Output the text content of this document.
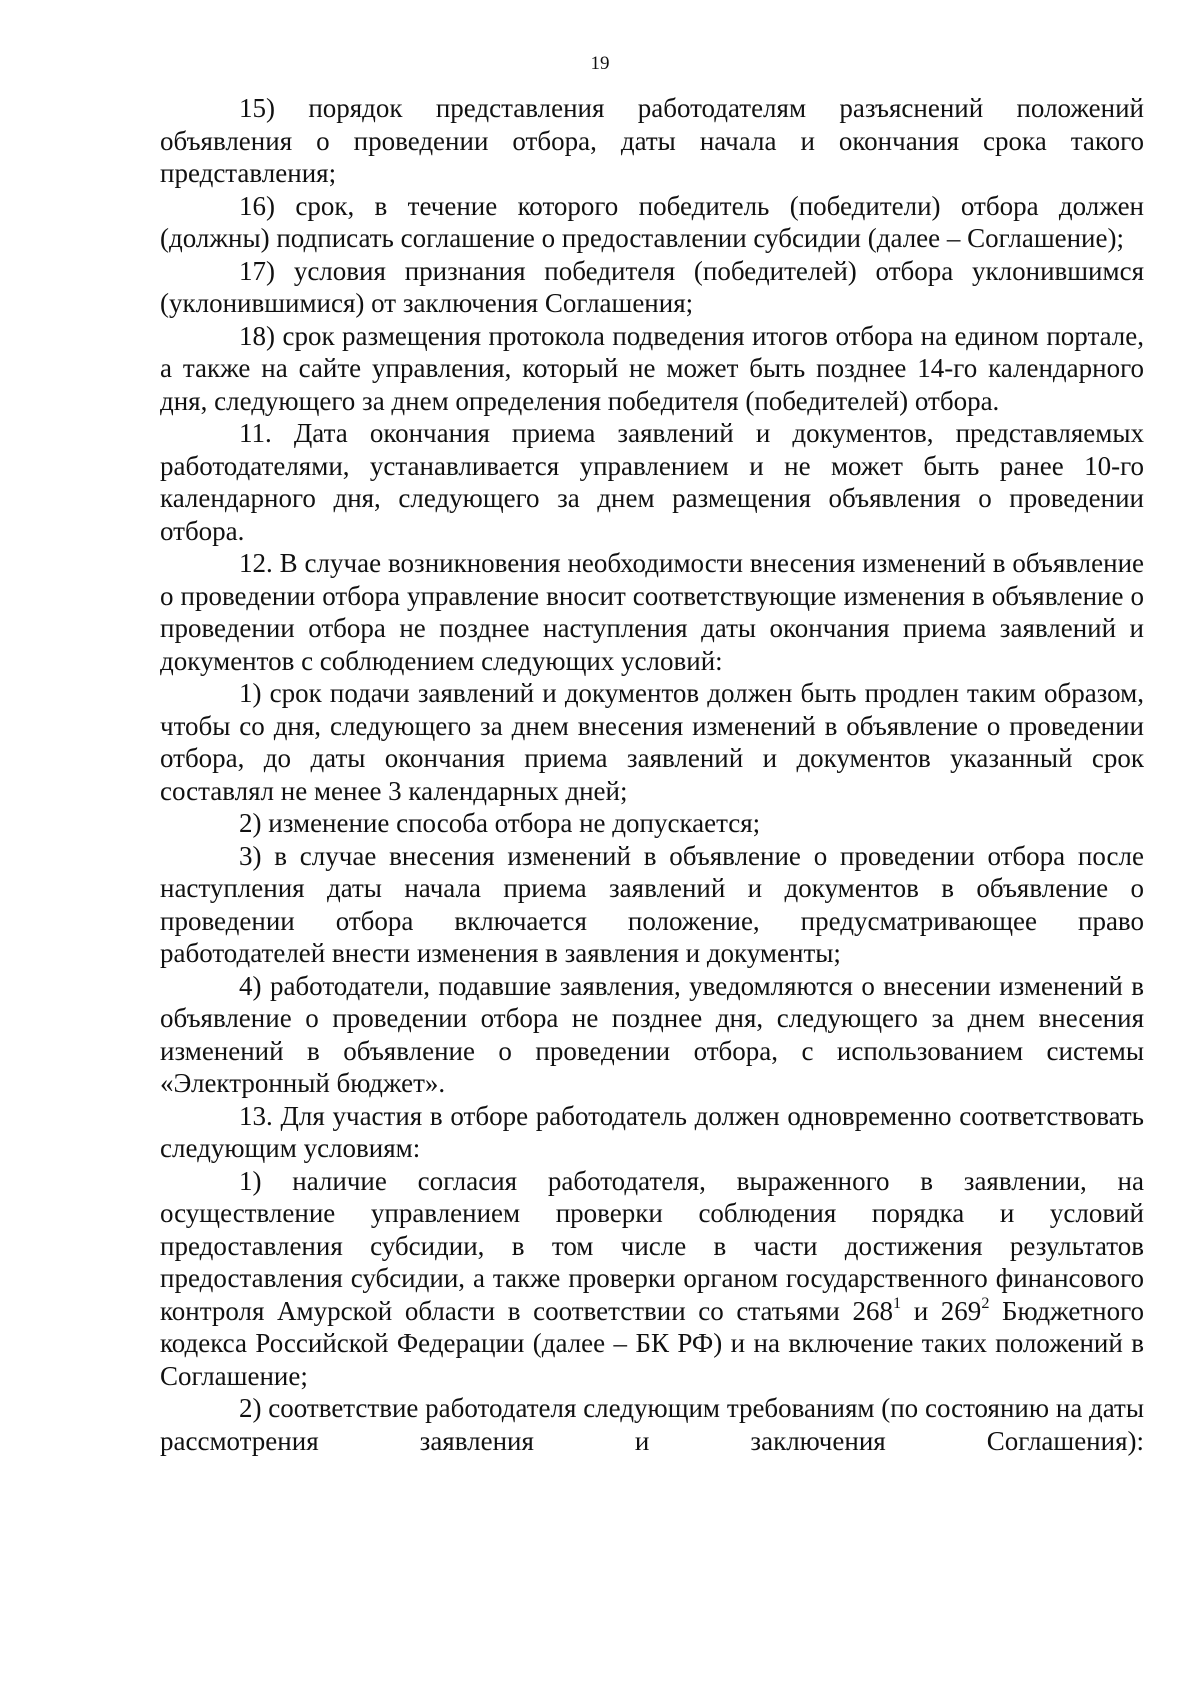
19

15) порядок представления работодателям разъяснений положений объявления о проведении отбора, даты начала и окончания срока такого представления;

16) срок, в течение которого победитель (победители) отбора должен (должны) подписать соглашение о предоставлении субсидии (далее – Соглашение);

17) условия признания победителя (победителей) отбора уклонившимся (уклонившимися) от заключения Соглашения;

18) срок размещения протокола подведения итогов отбора на едином портале, а также на сайте управления, который не может быть позднее 14-го календарного дня, следующего за днем определения победителя (победителей) отбора.

11. Дата окончания приема заявлений и документов, представляемых работодателями, устанавливается управлением и не может быть ранее 10-го календарного дня, следующего за днем размещения объявления о проведении отбора.

12. В случае возникновения необходимости внесения изменений в объявление о проведении отбора управление вносит соответствующие изменения в объявление о проведении отбора не позднее наступления даты окончания приема заявлений и документов с соблюдением следующих условий:

1) срок подачи заявлений и документов должен быть продлен таким образом, чтобы со дня, следующего за днем внесения изменений в объявление о проведении отбора, до даты окончания приема заявлений и документов указанный срок составлял не менее 3 календарных дней;

2) изменение способа отбора не допускается;

3) в случае внесения изменений в объявление о проведении отбора после наступления даты начала приема заявлений и документов в объявление о проведении отбора включается положение, предусматривающее право работодателей внести изменения в заявления и документы;

4) работодатели, подавшие заявления, уведомляются о внесении изменений в объявление о проведении отбора не позднее дня, следующего за днем внесения изменений в объявление о проведении отбора, с использованием системы «Электронный бюджет».

13. Для участия в отборе работодатель должен одновременно соответствовать следующим условиям:

1) наличие согласия работодателя, выраженного в заявлении, на осуществление управлением проверки соблюдения порядка и условий предоставления субсидии, в том числе в части достижения результатов предоставления субсидии, а также проверки органом государственного финансового контроля Амурской области в соответствии со статьями $268^1$ и $269^2$ Бюджетного кодекса Российской Федерации (далее – БК РФ) и на включение таких положений в Соглашение;

2) соответствие работодателя следующим требованиям (по состоянию на даты рассмотрения заявления и заключения Соглашения):
